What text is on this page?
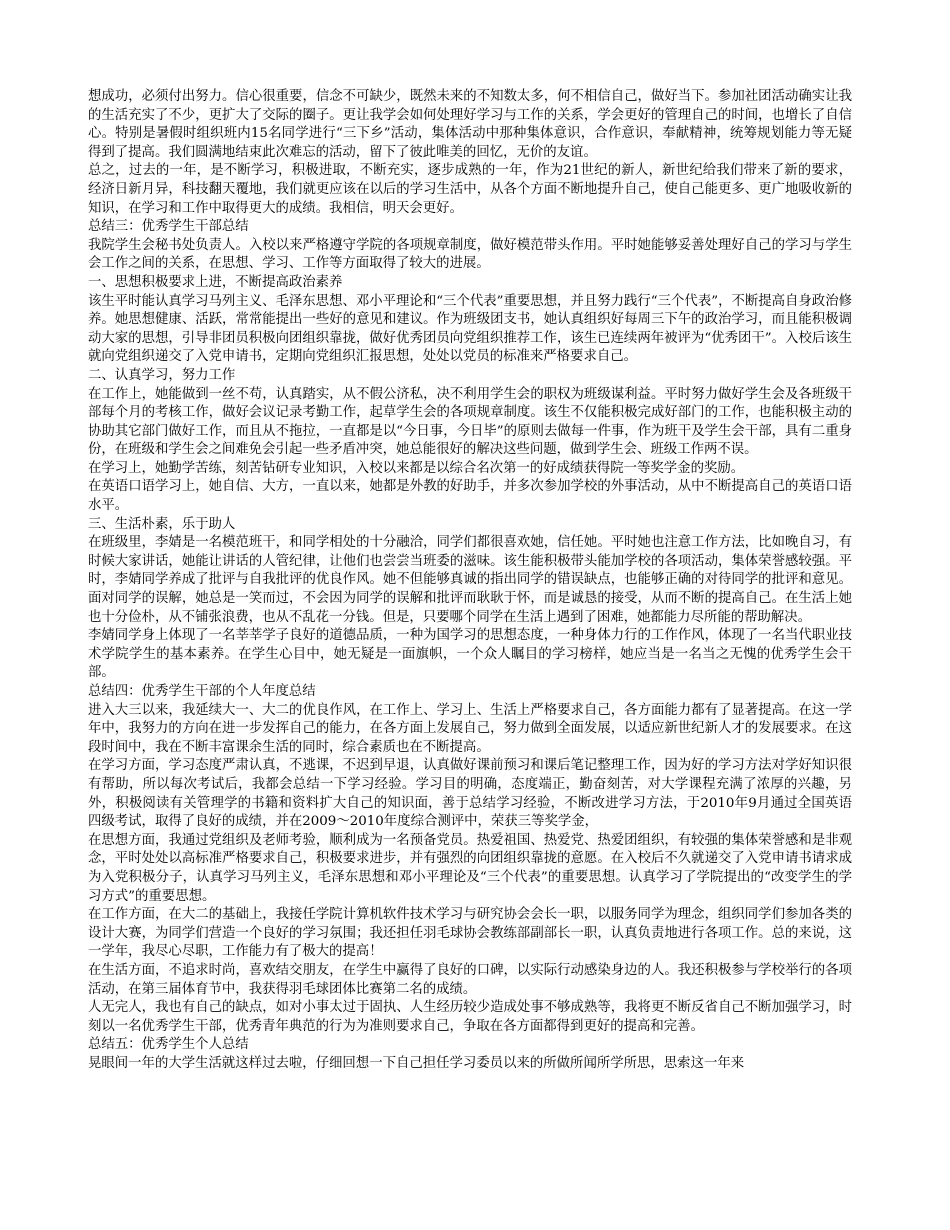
想成功，必须付出努力。信心很重要，信念不可缺少，既然未来的不知数太多，何不相信自己，做好当下。参加社团活动确实让我的生活充实了不少，更扩大了交际的圈子。更让我学会如何处理好学习与工作的关系，学会更好的管理自己的时间，也增长了自信心。特别是暑假时组织班内15名同学进行“三下乡”活动，集体活动中那种集体意识，合作意识，奉献精神，统筹规划能力等无疑得到了提高。我们圆满地结束此次难忘的活动，留下了彼此唯美的回忆，无价的友谊。

总之，过去的一年，是不断学习，积极进取，不断充实，逐步成熟的一年，作为21世纪的新人，新世纪给我们带来了新的要求，经济日新月异，科技翻天覆地，我们就更应该在以后的学习生活中，从各个方面不断地提升自己，使自己能更多、更广地吸收新的知识，在学习和工作中取得更大的成绩。我相信，明天会更好。

总结三：优秀学生干部总结

我院学生会秘书处负责人。入校以来严格遵守学院的各项规章制度，做好模范带头作用。平时她能够妥善处理好自己的学习与学生会工作之间的关系，在思想、学习、工作等方面取得了较大的进展。

一、思想积极要求上进，不断提高政治素养

该生平时能认真学习马列主义、毛泽东思想、邓小平理论和“三个代表”重要思想，并且努力践行“三个代表”，不断提高自身政治修养。她思想健康、活跃，常常能提出一些好的意见和建议。作为班级团支书，她认真组织好每周三下午的政治学习，而且能积极调动大家的思想，引导非团员积极向团组织靠拢，做好优秀团员向党组织推荐工作，该生已连续两年被评为“优秀团干”。入校后该生就向党组织递交了入党申请书，定期向党组织汇报思想，处处以党员的标准来严格要求自己。

二、认真学习，努力工作

在工作上，她能做到一丝不苟，认真踏实，从不假公济私，决不利用学生会的职权为班级谋利益。平时努力做好学生会及各班级干部每个月的考核工作，做好会议记录考勤工作，起草学生会的各项规章制度。该生不仅能积极完成好部门的工作，也能积极主动的协助其它部门做好工作，而且从不拖拉，一直都是以“今日事，今日毕”的原则去做每一件事，作为班干及学生会干部，具有二重身份，在班级和学生会之间难免会引起一些矛盾冲突，她总能很好的解决这些问题，做到学生会、班级工作两不误。

在学习上，她勤学苦练，刻苦钻研专业知识，入校以来都是以综合名次第一的好成绩获得院一等奖学金的奖励。

在英语口语学习上，她自信、大方，一直以来，她都是外教的好助手，并多次参加学校的外事活动，从中不断提高自己的英语口语水平。

三、生活朴素，乐于助人

在班级里，李婧是一名模范班干，和同学相处的十分融洽，同学们都很喜欢她，信任她。平时她也注意工作方法，比如晚自习，有时候大家讲话，她能让讲话的人管纪律，让他们也尝尝当班委的滋味。该生能积极带头能加学校的各项活动，集体荣誉感较强。平时，李婧同学养成了批评与自我批评的优良作风。她不但能够真诚的指出同学的错误缺点，也能够正确的对待同学的批评和意见。面对同学的误解，她总是一笑而过，不会因为同学的误解和批评而耿耿于怀，而是诚恳的接受，从而不断的提高自己。在生活上她也十分俭朴，从不铺张浪费，也从不乱花一分钱。但是，只要哪个同学在生活上遇到了困难，她都能力尽所能的帮助解决。

李婧同学身上体现了一名莘莘学子良好的道德品质，一种为国学习的思想态度，一种身体力行的工作作风，体现了一名当代职业技术学院学生的基本素养。在学生心目中，她无疑是一面旗帜，一个众人瞩目的学习榜样，她应当是一名当之无愧的优秀学生会干部。

总结四：优秀学生干部的个人年度总结

进入大三以来，我延续大一、大二的优良作风，在工作上、学习上、生活上严格要求自己，各方面能力都有了显著提高。在这一学年中，我努力的方向在进一步发挥自己的能力，在各方面上发展自己，努力做到全面发展，以适应新世纪新人才的发展要求。在这段时间中，我在不断丰富课余生活的同时，综合素质也在不断提高。

在学习方面，学习态度严肃认真，不逃课，不迟到早退，认真做好课前预习和课后笔记整理工作，因为好的学习方法对学好知识很有帮助，所以每次考试后，我都会总结一下学习经验。学习目的明确，态度端正，勤奋刻苦，对大学课程充满了浓厚的兴趣，另外，积极阅读有关管理学的书籍和资料扩大自己的知识面，善于总结学习经验，不断改进学习方法，于2010年9月通过全国英语四级考试，取得了良好的成绩，并在2009～2010年度综合测评中，荣获三等奖学金，

在思想方面，我通过党组织及老师考验，顺利成为一名预备党员。热爱祖国、热爱党、热爱团组织，有较强的集体荣誉感和是非观念，平时处处以高标准严格要求自己，积极要求进步，并有强烈的向团组织靠拢的意愿。在入校后不久就递交了入党申请书请求成为入党积极分子，认真学习马列主义，毛泽东思想和邓小平理论及“三个代表”的重要思想。认真学习了学院提出的“改变学生的学习方式”的重要思想。

在工作方面，在大二的基础上，我接任学院计算机软件技术学习与研究协会会长一职，以服务同学为理念，组织同学们参加各类的设计大赛，为同学们营造一个良好的学习氛围；我还担任羽毛球协会教练部副部长一职，认真负责地进行各项工作。总的来说，这一学年，我尽心尽职，工作能力有了极大的提高！

在生活方面，不追求时尚，喜欢结交朋友，在学生中赢得了良好的口碑，以实际行动感染身边的人。我还积极参与学校举行的各项活动，在第三届体育节中，我获得羽毛球团体比赛第二名的成绩。

人无完人，我也有自己的缺点，如对小事太过于固执、人生经历较少造成处事不够成熟等，我将更不断反省自己不断加强学习，时刻以一名优秀学生干部，优秀青年典范的行为为准则要求自己，争取在各方面都得到更好的提高和完善。

总结五：优秀学生个人总结

晃眼间一年的大学生活就这样过去啦，仔细回想一下自己担任学习委员以来的所做所闻所学所思，思索这一年来
